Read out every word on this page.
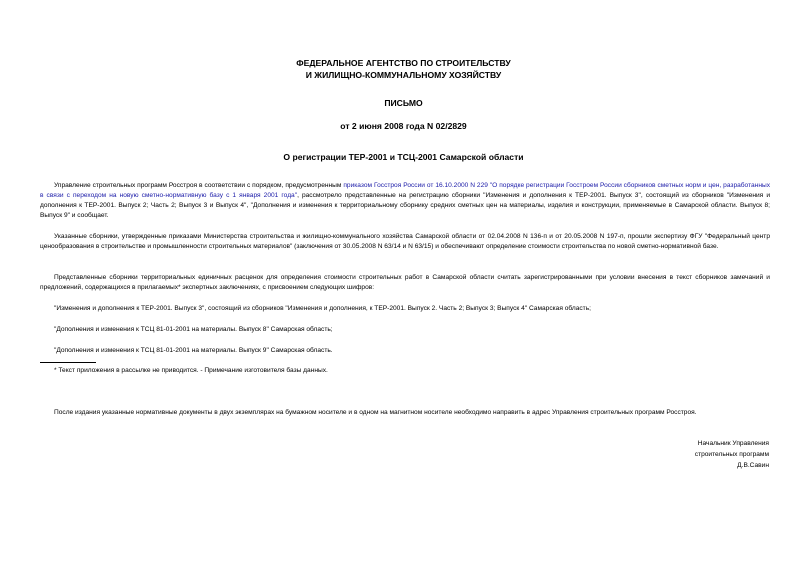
ФЕДЕРАЛЬНОЕ АГЕНТСТВО ПО СТРОИТЕЛЬСТВУ
И ЖИЛИЩНО-КОММУНАЛЬНОМУ ХОЗЯЙСТВУ
ПИСЬМО
от 2 июня 2008 года N 02/2829
О регистрации ТЕР-2001 и ТСЦ-2001 Самарской области

Управление строительных программ Росстроя в соответствии с порядком, предусмотренным приказом Госстроя России от 16.10.2000 N 229 "О порядке регистрации Госстроем России сборников сметных норм и цен, разработанных в связи с переходом на новую сметно-нормативную базу с 1 января 2001 года", рассмотрело представленные на регистрацию сборники "Изменения и дополнения к ТЕР-2001. Выпуск 3", состоящий из сборников "Изменения и дополнения к ТЕР-2001. Выпуск 2; Часть 2; Выпуск 3 и Выпуск 4", "Дополнения и изменения к территориальному сборнику средних сметных цен на материалы, изделия и конструкции, применяемые в Самарской области. Выпуск 8; Выпуск 9" и сообщает.

Указанные сборники, утвержденные приказами Министерства строительства и жилищно-коммунального хозяйства Самарской области от 02.04.2008 N 136-п и от 20.05.2008 N 197-п, прошли экспертизу ФГУ "Федеральный центр ценообразования в строительстве и промышленности строительных материалов" (заключения от 30.05.2008 N 63/14 и N 63/15) и обеспечивают определение стоимости строительства по новой сметно-нормативной базе.

Представленные сборники территориальных единичных расценок для определения стоимости строительных работ в Самарской области считать зарегистрированными при условии внесения в текст сборников замечаний и предложений, содержащихся в прилагаемых* экспертных заключениях, с присвоением следующих шифров:

"Изменения и дополнения к ТЕР-2001. Выпуск 3", состоящий из сборников "Изменения и дополнения, к ТЕР-2001. Выпуск 2. Часть 2; Выпуск 3; Выпуск 4" Самарская область;
"Дополнения и изменения к ТСЦ 81-01-2001 на материалы. Выпуск 8" Самарская область;
"Дополнения и изменения к ТСЦ 81-01-2001 на материалы. Выпуск 9" Самарская область.
* Текст приложения в рассылке не приводится. - Примечание изготовителя базы данных.

После издания указанные нормативные документы в двух экземплярах на бумажном носителе и в одном на магнитном носителе необходимо направить в адрес Управления строительных программ Росстроя.

Начальник Управления
строительных программ
Д.В.Савин
